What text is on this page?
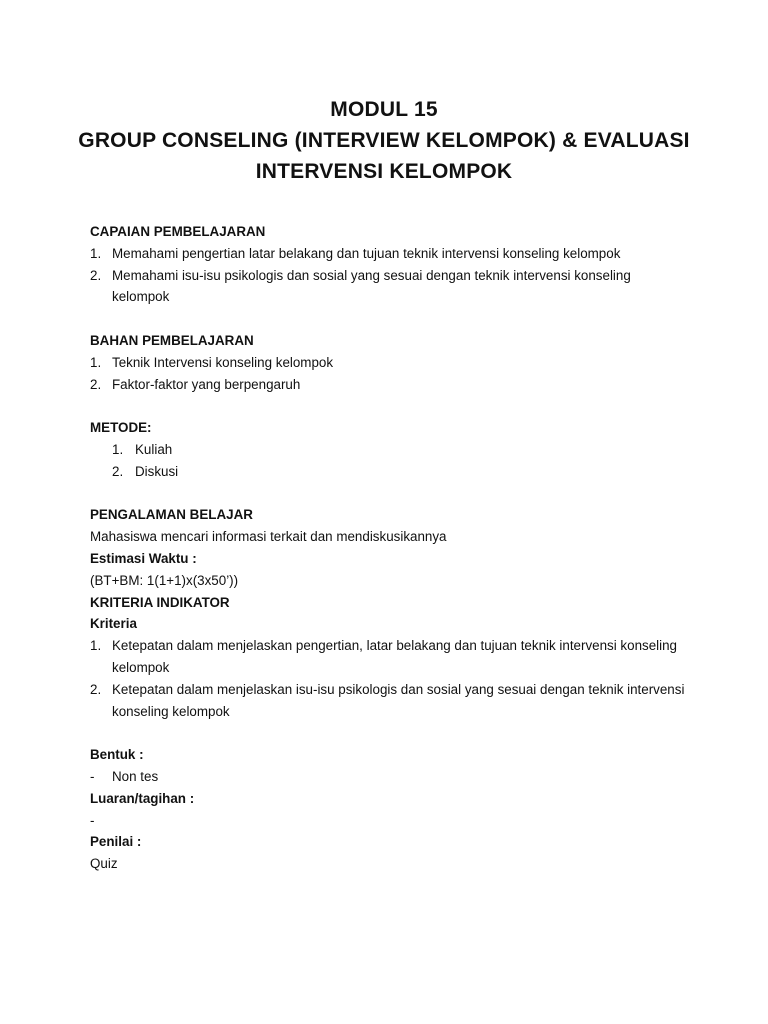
MODUL 15
GROUP CONSELING (INTERVIEW KELOMPOK) & EVALUASI
INTERVENSI KELOMPOK
CAPAIAN PEMBELAJARAN
1. Memahami pengertian latar belakang dan tujuan teknik intervensi konseling kelompok
2. Memahami isu-isu psikologis dan sosial yang sesuai dengan teknik intervensi konseling kelompok
BAHAN PEMBELAJARAN
1. Teknik Intervensi konseling kelompok
2. Faktor-faktor yang berpengaruh
METODE:
1. Kuliah
2. Diskusi
PENGALAMAN BELAJAR
Mahasiswa mencari informasi terkait dan mendiskusikannya
Estimasi Waktu :
(BT+BM: 1(1+1)x(3x50’))
KRITERIA INDIKATOR
Kriteria
1. Ketepatan dalam menjelaskan pengertian, latar belakang dan tujuan teknik intervensi konseling kelompok
2. Ketepatan dalam menjelaskan isu-isu psikologis dan sosial yang sesuai dengan teknik intervensi konseling kelompok
Bentuk :
- Non tes
Luaran/tagihan :
-
Penilai :
Quiz
